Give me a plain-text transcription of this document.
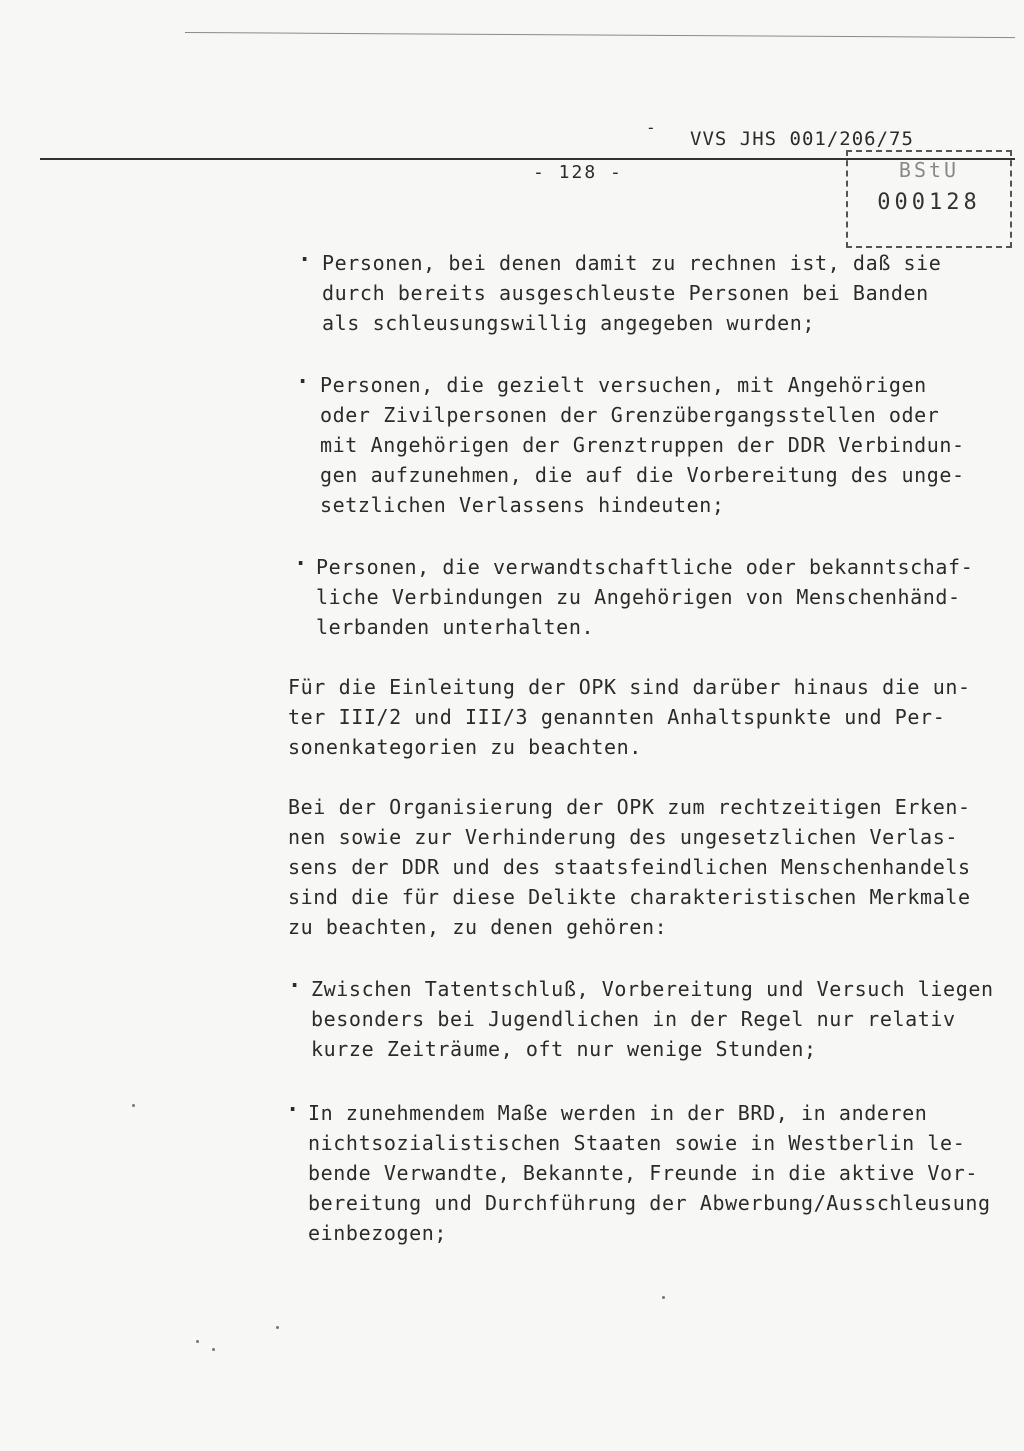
-
VVS JHS 001/206/75
- 128 -	BStU
000128
· Personen, bei denen damit zu rechnen ist, daß sie
durch bereits ausgeschleuste Personen bei Banden
als schleusungswillig angegeben wurden;
· Personen, die gezielt versuchen, mit Angehörigen
oder Zivilpersonen der Grenzübergangsstellen oder
mit Angehörigen der Grenztruppen der DDR Verbindun-
gen aufzunehmen, die auf die Vorbereitung des unge-
setzlichen Verlassens hindeuten;
· Personen, die verwandtschaftliche oder bekanntschaf-
liche Verbindungen zu Angehörigen von Menschenhänd-
lerbanden unterhalten.
Für die Einleitung der OPK sind darüber hinaus die un-
ter III/2 und III/3 genannten Anhaltspunkte und Per-
sonenkategorien zu beachten.
Bei der Organisierung der OPK zum rechtzeitigen Erken-
nen sowie zur Verhinderung des ungesetzlichen Verlas-
sens der DDR und des staatsfeindlichen Menschenhandels
sind die für diese Delikte charakteristischen Merkmale
zu beachten, zu denen gehören:
· Zwischen Tatentschluß, Vorbereitung und Versuch liegen
besonders bei Jugendlichen in der Regel nur relativ
kurze Zeiträume, oft nur wenige Stunden;
· In zunehmendem Maße werden in der BRD, in anderen
nichtsozialistischen Staaten sowie in Westberlin le-
bende Verwandte, Bekannte, Freunde in die aktive Vor-
bereitung und Durchführung der Abwerbung/Ausschleusung
einbezogen;
